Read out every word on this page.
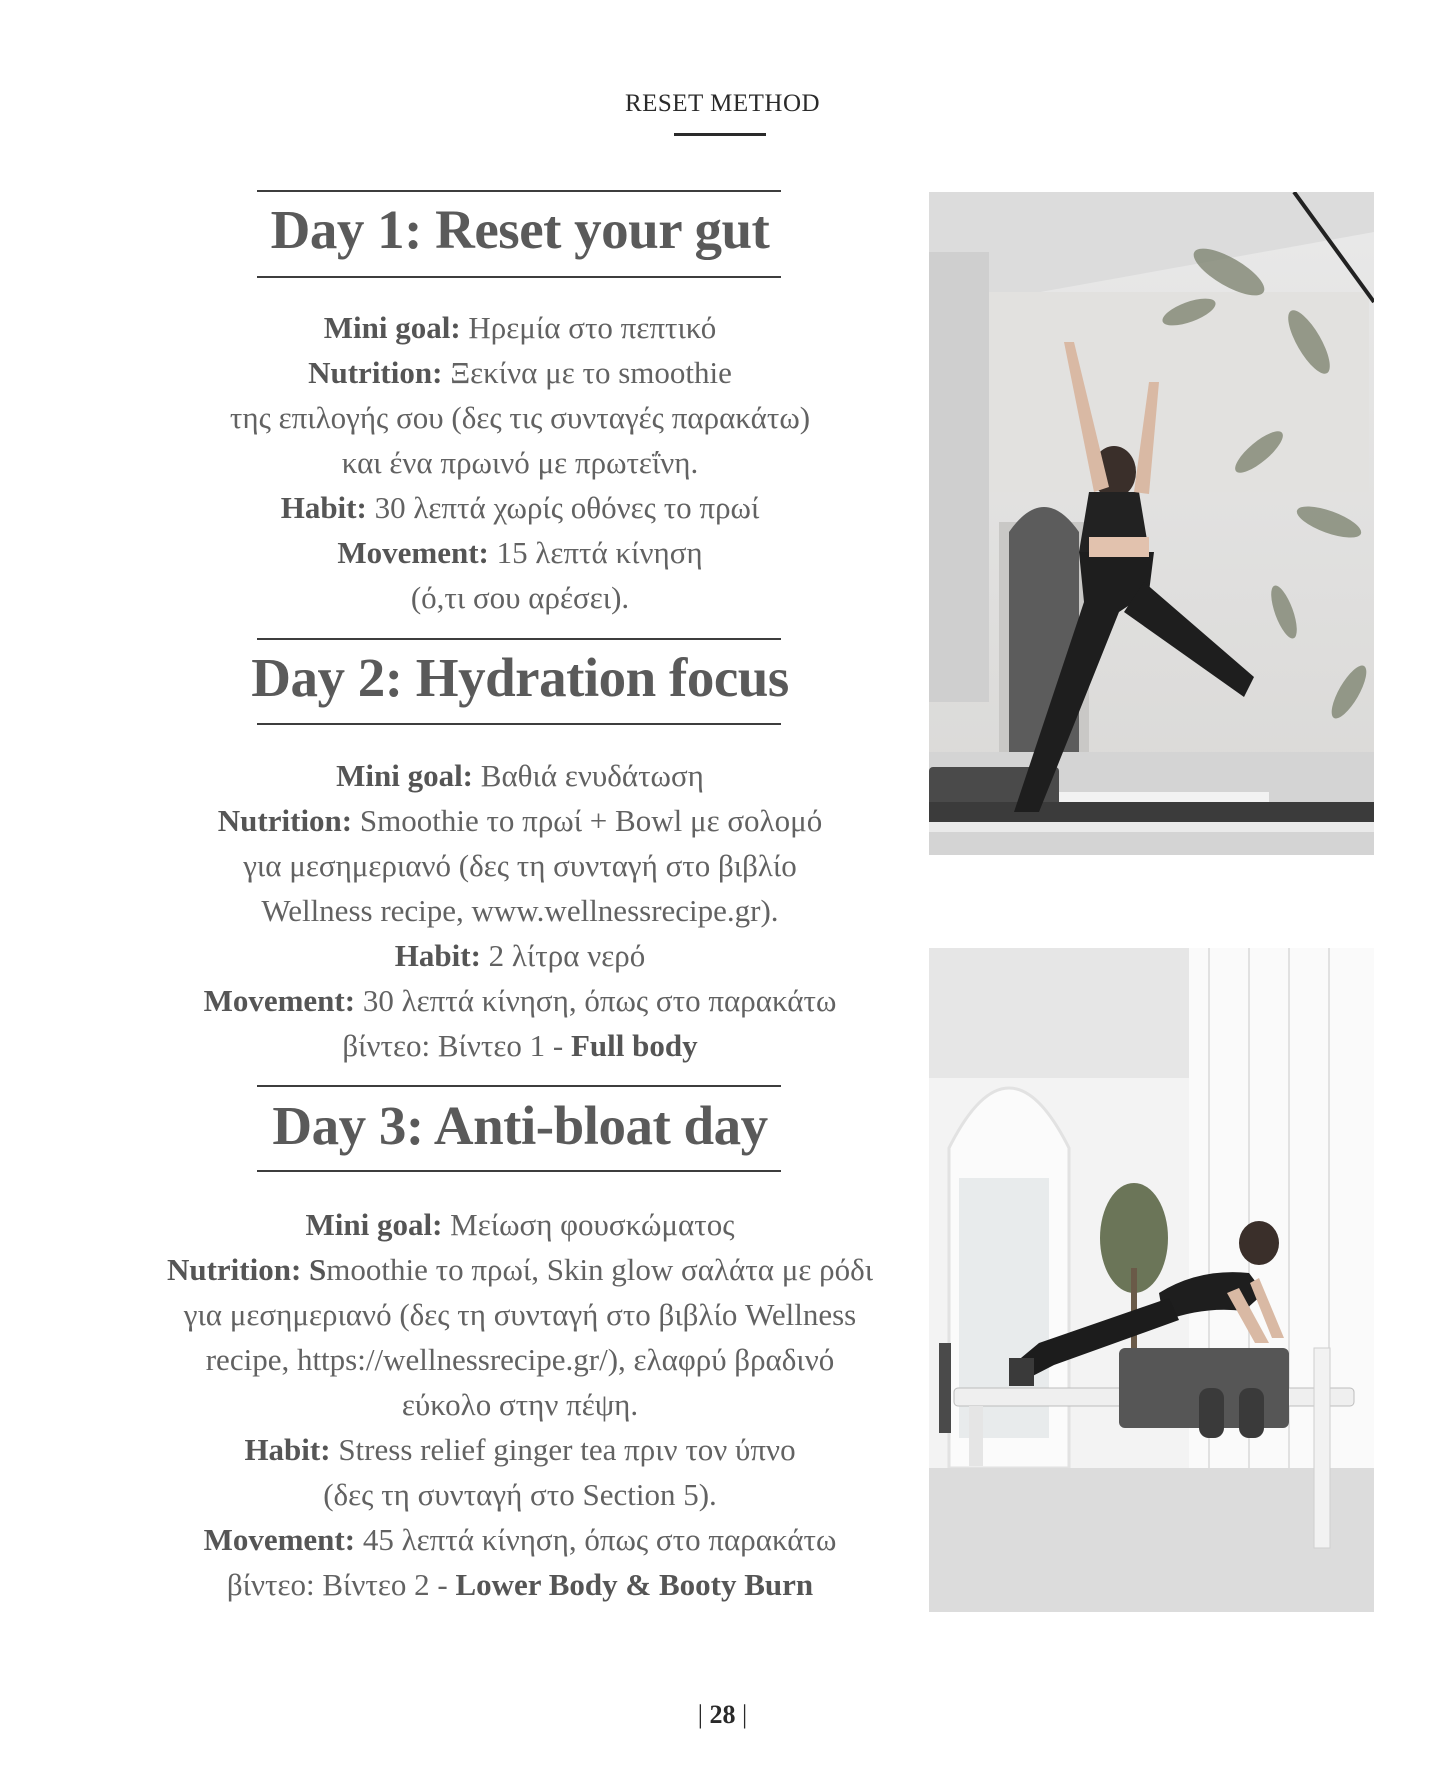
RESET METHOD
Day 1: Reset your gut
Mini goal: Ηρεμία στο πεπτικό
Nutrition: Ξεκίνα με το smoothie
της επιλογής σου (δες τις συνταγές παρακάτω)
και ένα πρωινό με πρωτεΐνη.
Habit: 30 λεπτά χωρίς οθόνες το πρωί
Movement: 15 λεπτά κίνηση
(ό,τι σου αρέσει).
Day 2: Hydration focus
Mini goal: Βαθιά ενυδάτωση
Nutrition: Smoothie το πρωί + Bowl με σολομό
για μεσημεριανό (δες τη συνταγή στο βιβλίο
Wellness recipe, www.wellnessrecipe.gr).
Habit: 2 λίτρα νερό
Movement: 30 λεπτά κίνηση, όπως στο παρακάτω
βίντεο: Βίντεο 1 - Full body
Day 3: Anti-bloat day
Mini goal: Μείωση φουσκώματος
Nutrition: Smoothie το πρωί, Skin glow σαλάτα με ρόδι
για μεσημεριανό (δες τη συνταγή στο βιβλίο Wellness
recipe, https://wellnessrecipe.gr/), ελαφρύ βραδινό
εύκολο στην πέψη.
Habit: Stress relief ginger tea πριν τον ύπνο
(δες τη συνταγή στο Section 5).
Movement: 45 λεπτά κίνηση, όπως στο παρακάτω
βίντεο: Βίντεο 2 - Lower Body & Booty Burn
| 28 |
